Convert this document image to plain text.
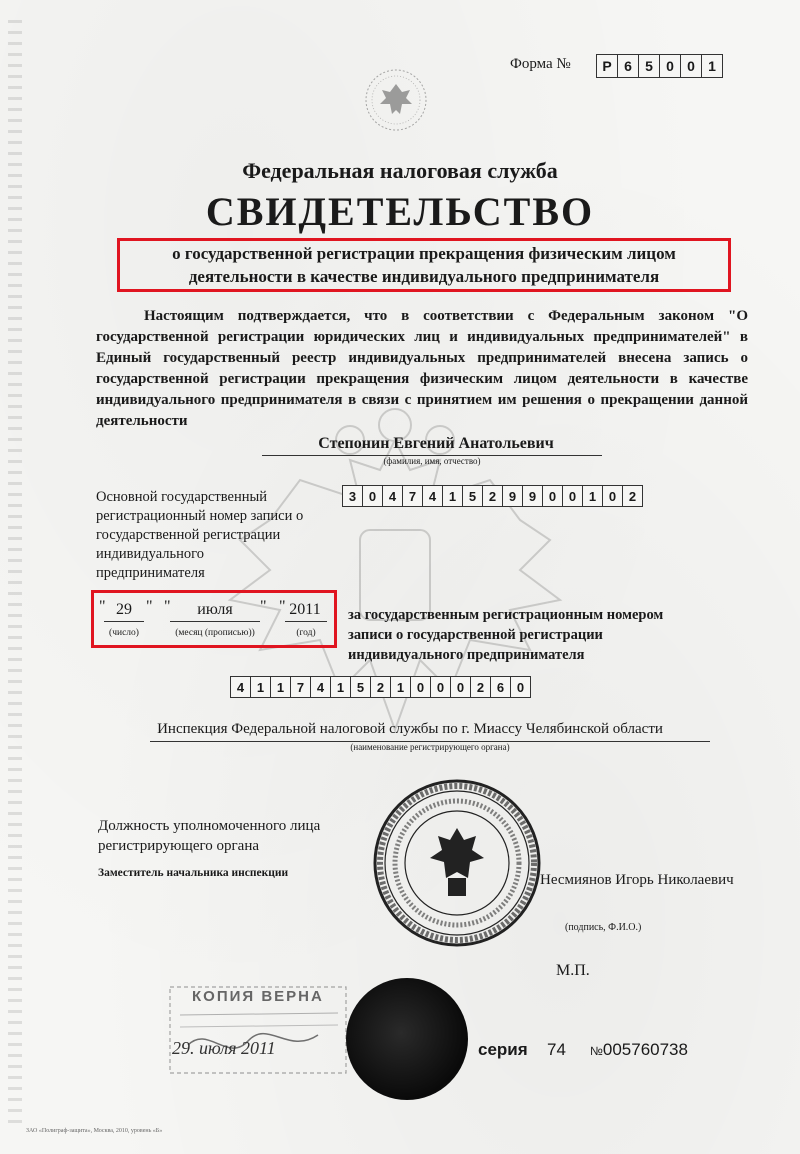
Форма №	Р 6 5 0 0 1
Федеральная налоговая служба
СВИДЕТЕЛЬСТВО
о государственной регистрации прекращения физическим лицом
деятельности в качестве индивидуального предпринимателя
Настоящим подтверждается, что в соответствии с Федеральным законом "О государственной регистрации юридических лиц и индивидуальных предпринимателей" в Единый государственный реестр индивидуальных предпринимателей внесена запись о государственной регистрации прекращения физическим лицом деятельности в качестве индивидуального предпринимателя в связи с принятием им решения о прекращении данной деятельности
Степонин Евгений Анатольевич
(фамилия, имя, отчество)
Основной государственный регистрационный номер записи о государственной регистрации индивидуального предпринимателя
3 0 4 7 4 1 5 2 9 9 0 0 1 0 2
" 29 "
(число)
"	июля	"
(месяц (прописью))
" 2011
(год)
за государственным регистрационным номером записи о государственной регистрации индивидуального предпринимателя
4 1 1 7 4 1 5 2 1 0 0 0 2 6 0
Инспекция Федеральной налоговой службы по г. Миассу Челябинской области
(наименование регистрирующего органа)
Должность уполномоченного лица регистрирующего органа
Заместитель начальника инспекции	Несмиянов Игорь Николаевич
(подпись, Ф.И.О.)
М.П.
КОПИЯ ВЕРНА
29. июля 2011	серия 74 №005760738
ЗАО «Полиграф-защита», Москва, 2010, уровень «Б»
